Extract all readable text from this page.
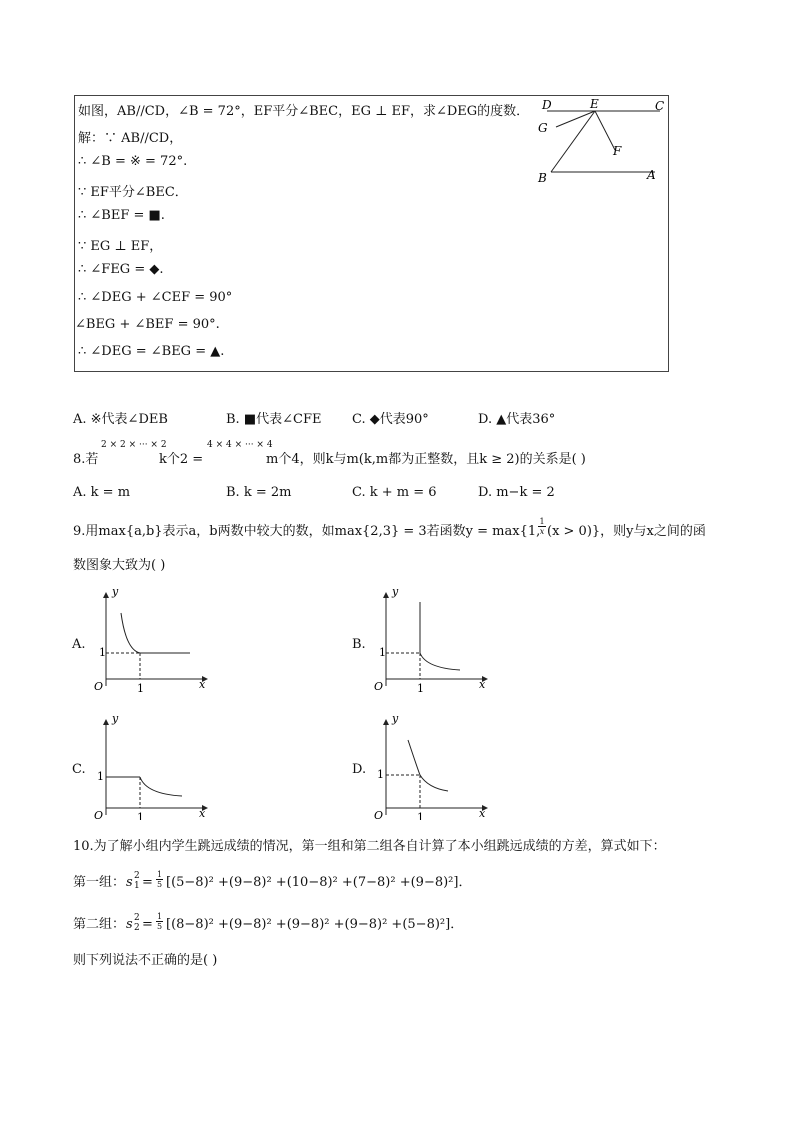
如图，AB//CD，∠B = 72°，EF平分∠BEC，EG ⊥ EF，求∠DEG的度数．
解：∵ AB//CD，
∴ ∠B = ※ = 72°.
∵ EF平分∠BEC．
∴ ∠BEF = ■.
∵ EG ⊥ EF，
∴ ∠FEG = ◆.
∴ ∠DEG + ∠CEF = 90°
∠BEG + ∠BEF = 90°.
∴ ∠DEG = ∠BEG = ▲.
D	E	C
G
F
B	A
A. ※代表∠DEB	B. ■代表∠CFE C. ◆代表90°	D. ▲代表36°
8.若
2 × 2 × ··· × 2
k个2 =
4 × 4 × ··· × 4
m个4，则k与m(k,m都为正整数，且k ≥ 2)的关系是( )
A. k = m	B. k = 2m	C. k + m = 6	D. m−k = 2
9.用max{a,b}表示a，b两数中较大的数，如max{2,3} = 3若函数y = max{1,
1
x (x > 0)}，则y与x之间的函
数图象大致为( )
A.
y
x
O
1
1
B.
y
x
O
1
1
C.
y
x
O
1
1
D.
y
x
O
1
1
10.为了解小组内学生跳远成绩的情况，第一组和第二组各自计算了本小组跳远成绩的方差，算式如下：
第一组： s 2
1 =
1
5 [(5−8)² +(9−8)² +(10−8)² +(7−8)² +(9−8)²]．
第二组： s 2
2 =
1
5 [(8−8)² +(9−8)² +(9−8)² +(9−8)² +(5−8)²]．
则下列说法不正确的是( )
